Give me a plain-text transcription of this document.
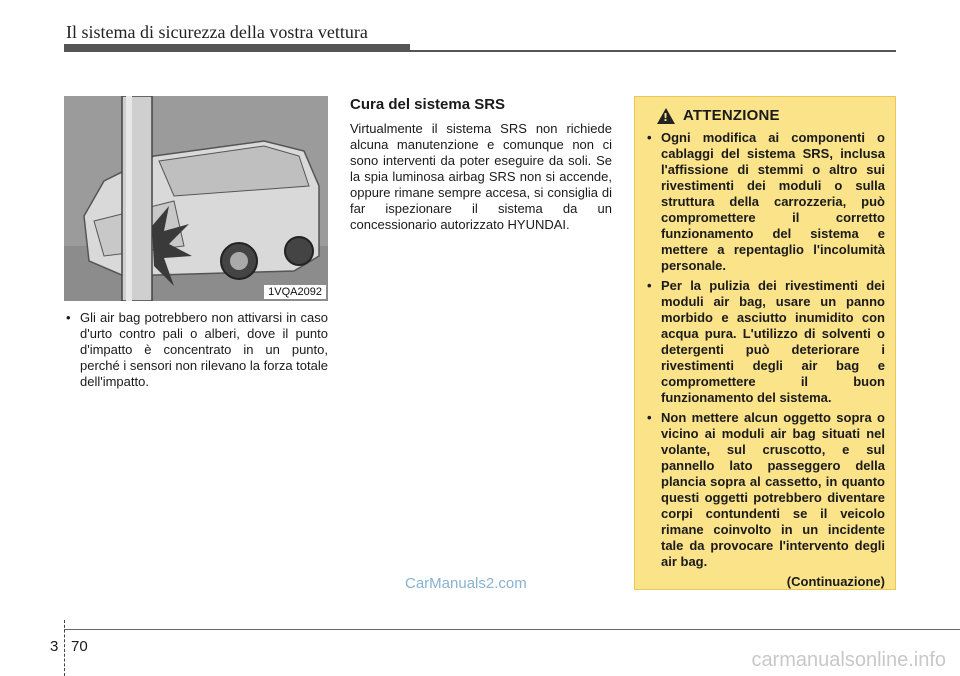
Il sistema di sicurezza della vostra vettura
1VQA2092
• Gli air bag potrebbero non attivarsi in caso d'urto contro pali o alberi, dove il punto d'impatto è concentrato in un punto, perché i sensori non rilevano la forza totale dell'impatto.
Cura del sistema SRS

Virtualmente il sistema SRS non richiede alcuna manutenzione e comunque non ci sono interventi da poter eseguire da soli. Se la spia luminosa airbag SRS non si accende, oppure rimane sempre accesa, si consiglia di far ispezionare il sistema da un concessionario autorizzato HYUNDAI.

!
ATTENZIONE
• Ogni modifica ai componenti o cablaggi del sistema SRS, inclusa l'affissione di stemmi o altro sui rivestimenti dei moduli o sulla struttura della carrozzeria, può compromettere il corretto funzionamento del sistema e mettere a repentaglio l'incolumità personale.
• Per la pulizia dei rivestimenti dei moduli air bag, usare un panno morbido e asciutto inumidito con acqua pura. L'utilizzo di solventi o detergenti può deteriorare i rivestimenti degli air bag e compromettere il buon funzionamento del sistema.
• Non mettere alcun oggetto sopra o vicino ai moduli air bag situati nel volante, sul cruscotto, e sul pannello lato passeggero della plancia sopra al cassetto, in quanto questi oggetti potrebbero diventare corpi contundenti se il veicolo rimane coinvolto in un incidente tale da provocare l'intervento degli air bag.
(Continuazione)
CarManuals2.com
3 70
carmanualsonline.info
